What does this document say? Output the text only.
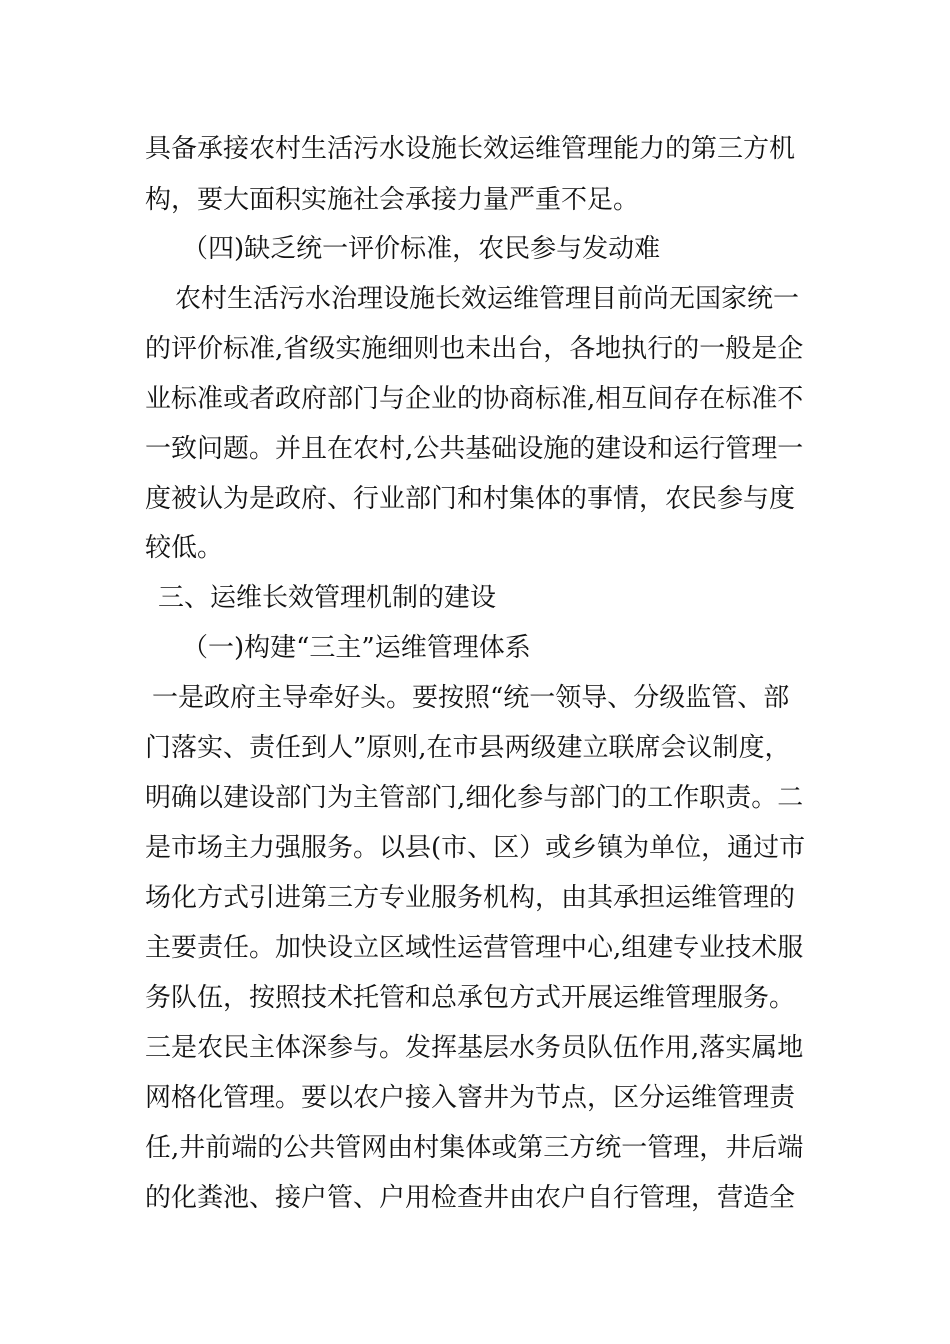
具备承接农村生活污水设施长效运维管理能力的第三方机
构，要大面积实施社会承接力量严重不足。
（四)缺乏统一评价标准，农民参与发动难
农村生活污水治理设施长效运维管理目前尚无国家统一
的评价标准,省级实施细则也未出台，各地执行的一般是企
业标准或者政府部门与企业的协商标准,相互间存在标准不
一致问题。并且在农村,公共基础设施的建设和运行管理一
度被认为是政府、行业部门和村集体的事情，农民参与度
较低。
三、运维长效管理机制的建设
（一)构建“三主”运维管理体系
一是政府主导牵好头。要按照“统一领导、分级监管、部
门落实、责任到人”原则,在市县两级建立联席会议制度，
明确以建设部门为主管部门,细化参与部门的工作职责。二
是市场主力强服务。以县(市、区）或乡镇为单位，通过市
场化方式引进第三方专业服务机构，由其承担运维管理的
主要责任。加快设立区域性运营管理中心,组建专业技术服
务队伍，按照技术托管和总承包方式开展运维管理服务。
三是农民主体深参与。发挥基层水务员队伍作用,落实属地
网格化管理。要以农户接入窨井为节点，区分运维管理责
任,井前端的公共管网由村集体或第三方统一管理，井后端
的化粪池、接户管、户用检查井由农户自行管理，营造全
